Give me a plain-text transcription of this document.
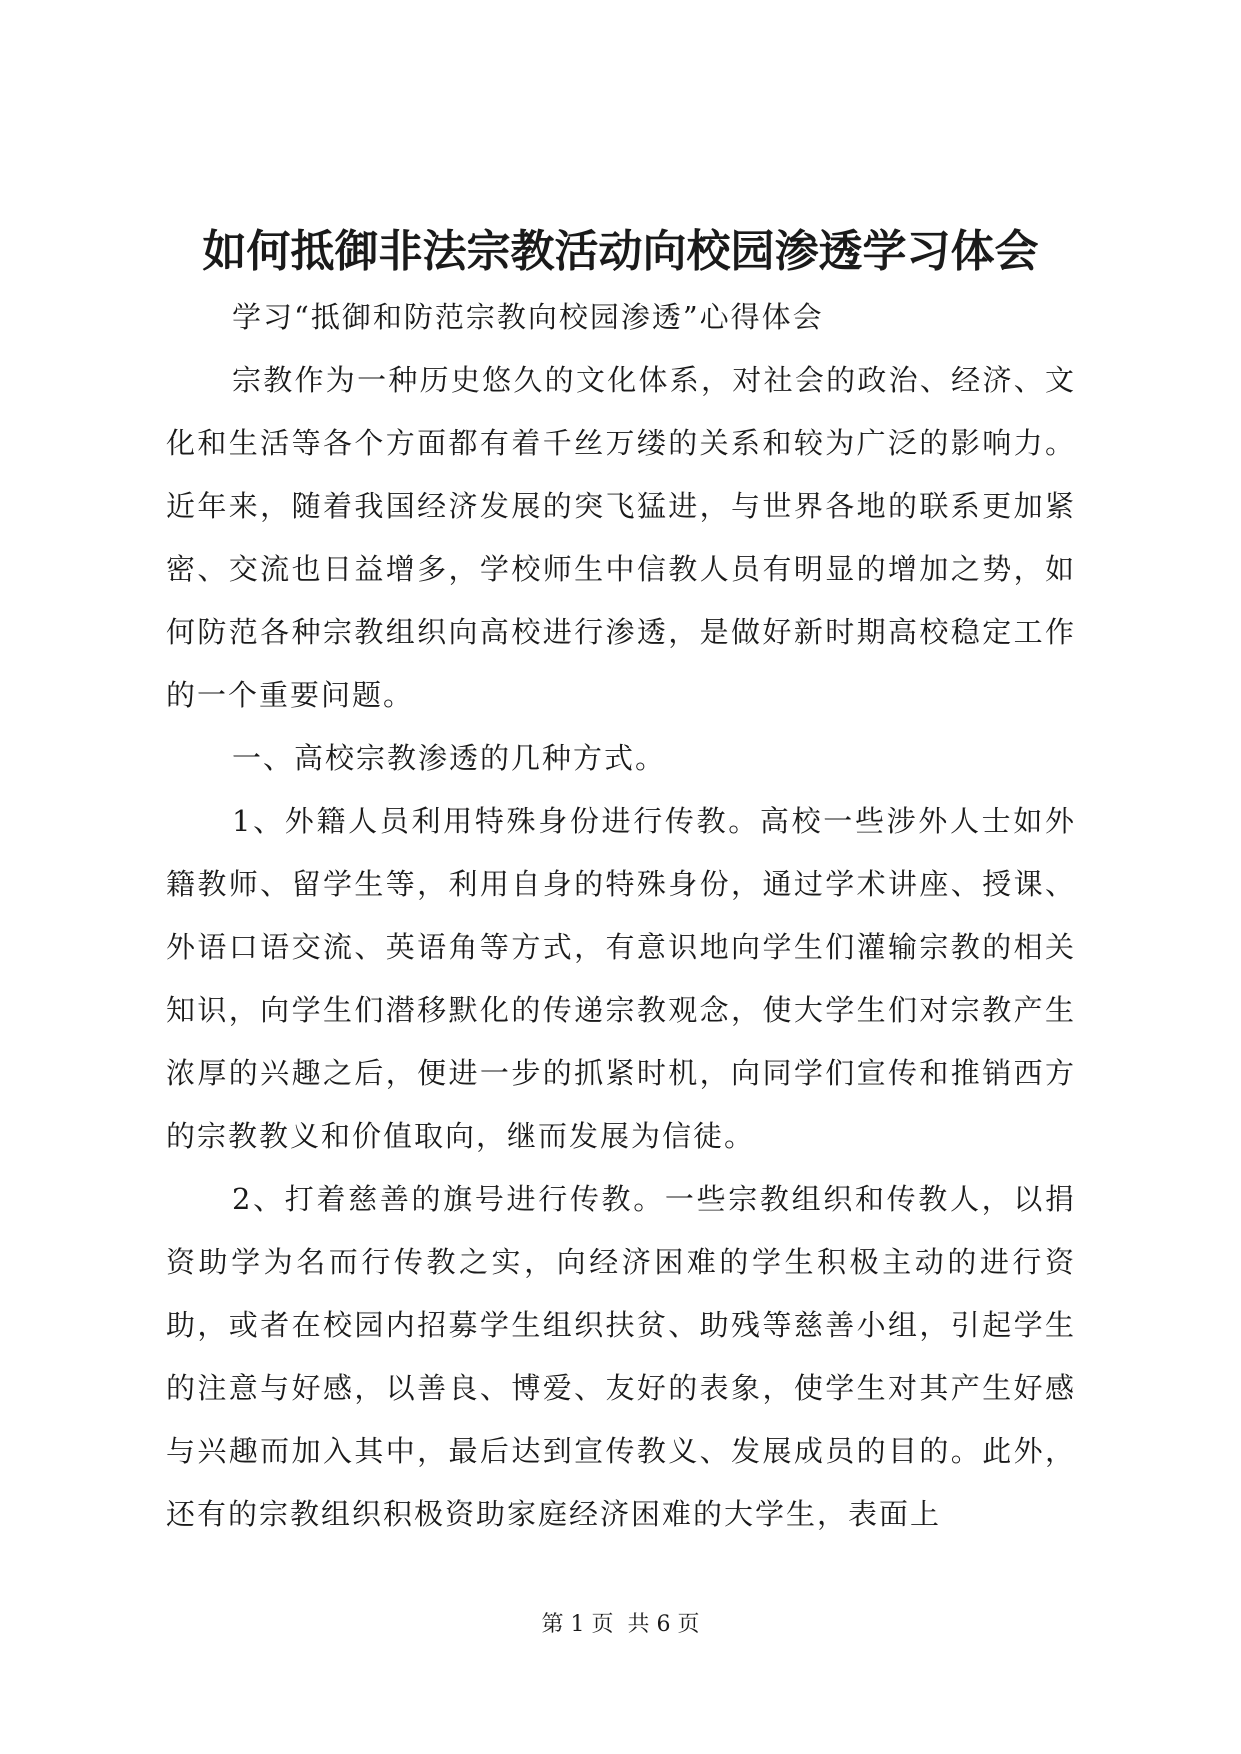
如何抵御非法宗教活动向校园渗透学习体会

学习“抵御和防范宗教向校园渗透”心得体会

宗教作为一种历史悠久的文化体系，对社会的政治、经济、文化和生活等各个方面都有着千丝万缕的关系和较为广泛的影响力。近年来，随着我国经济发展的突飞猛进，与世界各地的联系更加紧密、交流也日益增多，学校师生中信教人员有明显的增加之势，如何防范各种宗教组织向高校进行渗透，是做好新时期高校稳定工作的一个重要问题。

一、高校宗教渗透的几种方式。

1、外籍人员利用特殊身份进行传教。高校一些涉外人士如外籍教师、留学生等，利用自身的特殊身份，通过学术讲座、授课、外语口语交流、英语角等方式，有意识地向学生们灌输宗教的相关知识，向学生们潜移默化的传递宗教观念，使大学生们对宗教产生浓厚的兴趣之后，便进一步的抓紧时机，向同学们宣传和推销西方的宗教教义和价值取向，继而发展为信徒。

2、打着慈善的旗号进行传教。一些宗教组织和传教人，以捐资助学为名而行传教之实，向经济困难的学生积极主动的进行资助，或者在校园内招募学生组织扶贫、助残等慈善小组，引起学生的注意与好感，以善良、博爱、友好的表象，使学生对其产生好感与兴趣而加入其中，最后达到宣传教义、发展成员的目的。此外，还有的宗教组织积极资助家庭经济困难的大学生，表面上

第 1 页 共 6 页
